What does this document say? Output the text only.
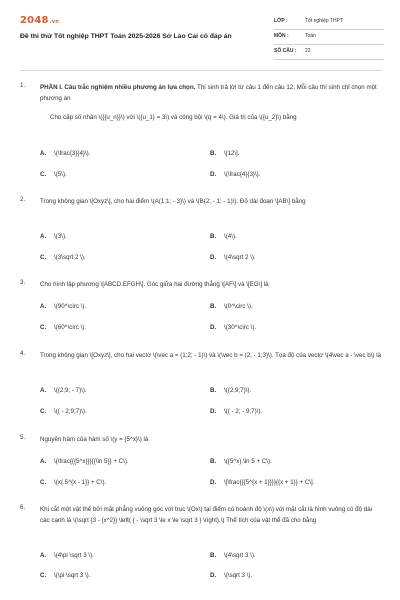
2048.vn
Đề thi thử Tốt nghiệp THPT Toán 2025-2026 Sở Lào Cai có đáp án
LỚP :	Tốt nghiệp THPT
MÔN :	Toán
SỐ CÂU : 22
1. PHẦN I. Câu trắc nghiệm nhiều phương án lựa chọn. Thí sinh trả lời từ câu 1 đến câu 12. Mỗi câu thí sinh chỉ chọn một phương án
Cho cấp số nhân \({{u_n}}\) với \({u_1} = 3\) và công bội \(q = 4\). Giá trị của \({u_2}\) bằng
A. \(\frac{3}{4}\).	B. \[12\].
C. \(5\).	D. \(\frac{4}{3}\).
2. Trong không gian \[Oxyz\], cho hai điểm \(A(1;1; - 3)\) và \(B(2; - 1; - 1)\). Độ dài đoạn \[AB\] bằng
A. \(3\).	B. \(4\).
C. \(3\sqrt 2 \).	D. \(4\sqrt 2 \).
3. Cho hình lập phương \[ABCD.EFGH\]. Góc giữa hai đường thẳng \[AF\] và \[EG\] là
A. \(90^\circ \).	B. \(0^\circ \).
C. \(60^\circ \).	D. \(30^\circ \).
4. Trong không gian \[Oxyz\], cho hai vectơ \(\vec a = (1;2; - 1)\) và \(\vec b = (2; - 1;3)\). Tọa độ của vectơ \(4\vec a - \vec b\) là
A. \((2;9; - 7)\).	B. \((2;9;7)\).
C. \(( - 2;9;7)\).	D. \(( - 2; - 9;7)\).
5. Nguyên hàm của hàm số \(y = {5^x}\) là
A. \(\frac{{{5^x}}}{{\ln 5}} + C\).	B. \({5^x}.\ln 5 + C\).
C. \(x{.5^{x - 1}} + C\).	D. \[\frac{{{5^{x + 1}}}}{{x + 1}} + C\].
6. Khi cắt một vật thể bởi mặt phẳng vuông góc với trục \(Ox\) tại điểm có hoành độ \(x\) với mặt cắt là hình vuông có độ dài các cạnh là \(\sqrt {3 - {x^2}} \left( { - \sqrt 3 \le x \le \sqrt 3 } \right).\) Thể tích của vật thể đã cho bằng
A. \(4\pi \sqrt 3 \).	B. \(4\sqrt 3 \).
C. \(\pi \sqrt 3 \).	D. \(\sqrt 3 \).
